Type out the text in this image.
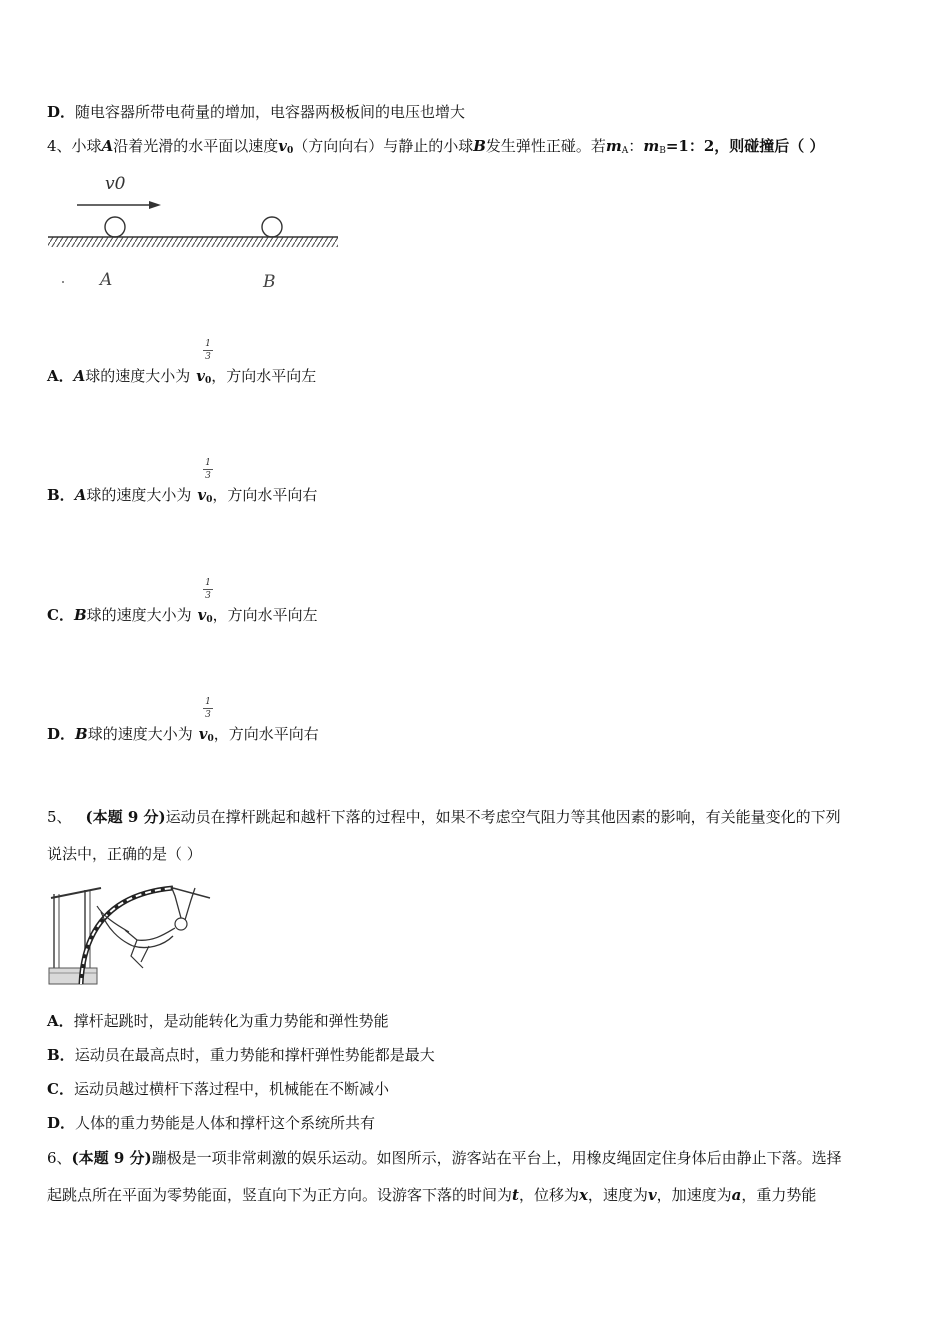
D．随电容器所带电荷量的增加，电容器两极板间的电压也增大
4、小球A沿着光滑的水平面以速度$v_0$（方向向右）与静止的小球B发生弹性正碰。若$m_A$：$m_B=1$：2，则碰撞后（ ）
v0
A	B
1
3
A．A球的速度大小为 $v_0$，方向水平向左
1
3
B．A球的速度大小为 $v_0$，方向水平向右
1
3
C．B球的速度大小为 $v_0$，方向水平向左
1
3
D．B球的速度大小为 $v_0$，方向水平向右
5、 (本题 9 分)运动员在撑杆跳起和越杆下落的过程中，如果不考虑空气阻力等其他因素的影响，有关能量变化的下列
说法中，正确的是（ ）
A．撑杆起跳时，是动能转化为重力势能和弹性势能
B．运动员在最高点时，重力势能和撑杆弹性势能都是最大
C．运动员越过横杆下落过程中，机械能在不断减小
D．人体的重力势能是人体和撑杆这个系统所共有
6、(本题 9 分)蹦极是一项非常刺激的娱乐运动。如图所示，游客站在平台上，用橡皮绳固定住身体后由静止下落。选择
起跳点所在平面为零势能面，竖直向下为正方向。设游客下落的时间为t，位移为x，速度为v，加速度为a，重力势能
